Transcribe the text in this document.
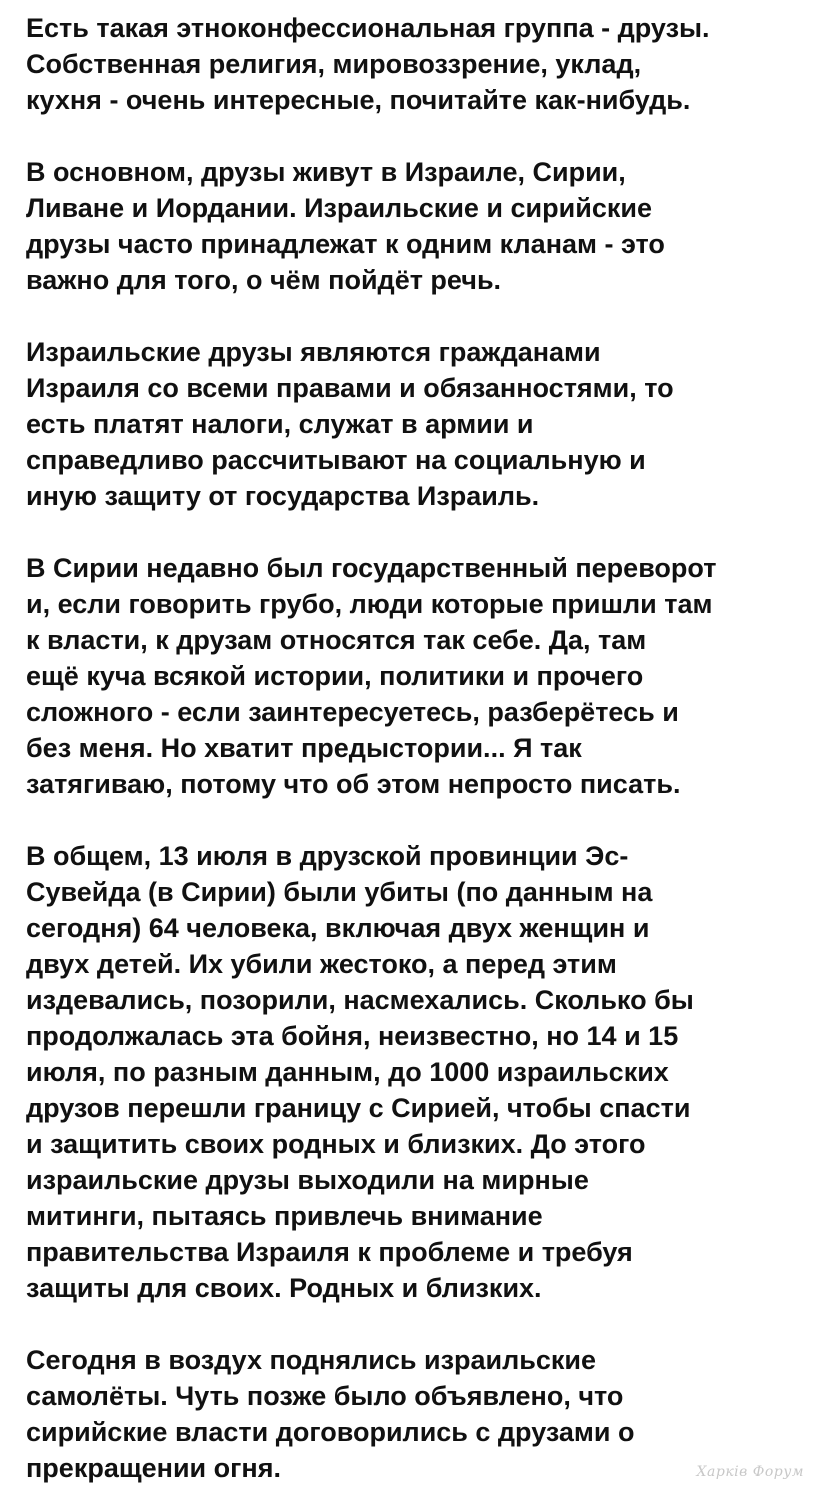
Есть такая этноконфессиональная группа - друзы.
Собственная религия, мировоззрение, уклад,
кухня - очень интересные, почитайте как-нибудь.

В основном, друзы живут в Израиле, Сирии,
Ливане и Иордании. Израильские и сирийские
друзы часто принадлежат к одним кланам - это
важно для того, о чём пойдёт речь.

Израильские друзы являются гражданами
Израиля со всеми правами и обязанностями, то
есть платят налоги, служат в армии и
справедливо рассчитывают на социальную и
иную защиту от государства Израиль.

В Сирии недавно был государственный переворот
и, если говорить грубо, люди которые пришли там
к власти, к друзам относятся так себе. Да, там
ещё куча всякой истории, политики и прочего
сложного - если заинтересуетесь, разберётесь и
без меня. Но хватит предыстории... Я так
затягиваю, потому что об этом непросто писать.

В общем, 13 июля в друзской провинции Эс-
Сувейда (в Сирии) были убиты (по данным на
сегодня) 64 человека, включая двух женщин и
двух детей. Их убили жестоко, а перед этим
издевались, позорили, насмехались. Сколько бы
продолжалась эта бойня, неизвестно, но 14 и 15
июля, по разным данным, до 1000 израильских
друзов перешли границу с Сирией, чтобы спасти
и защитить своих родных и близких. До этого
израильские друзы выходили на мирные
митинги, пытаясь привлечь внимание
правительства Израиля к проблеме и требуя
защиты для своих. Родных и близких.

Сегодня в воздух поднялись израильские
самолёты. Чуть позже было объявлено, что
сирийские власти договорились с друзами о
прекращении огня.	Харків Форум
